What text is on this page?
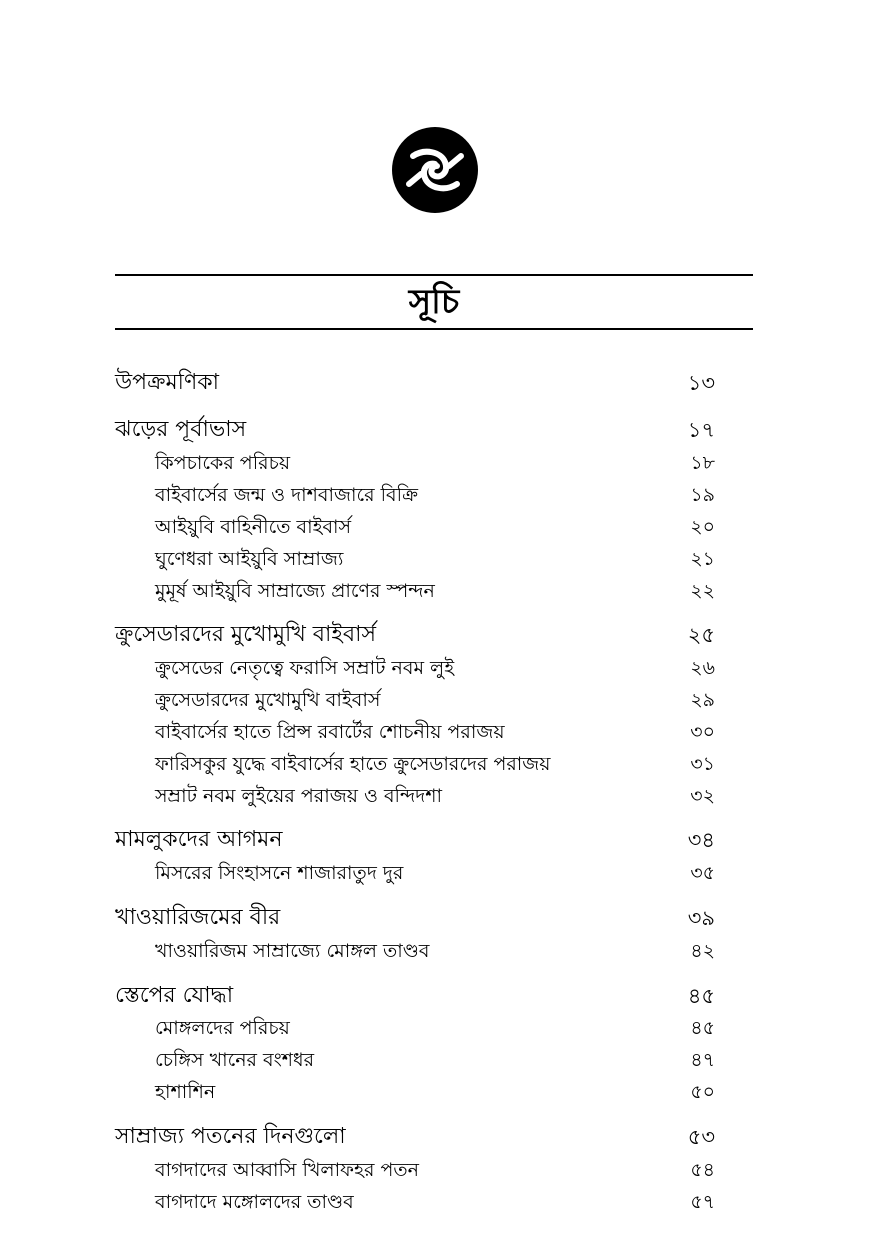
সূচি
উপক্রমণিকা	১৩
ঝড়ের পূর্বাভাস	১৭
কিপচাকের পরিচয়	১৮
বাইবার্সের জন্ম ও দাশবাজারে বিক্রি	১৯
আইয়ুবি বাহিনীতে বাইবার্স	২০
ঘুণেধরা আইয়ুবি সাম্রাজ্য	২১
মুমূর্ষ আইয়ুবি সাম্রাজ্যে প্রাণের স্পন্দন	২২
ক্রুসেডারদের মুখোমুখি বাইবার্স	২৫
ক্রুসেডের নেতৃত্বে ফরাসি সম্রাট নবম লুই	২৬
ক্রুসেডারদের মুখোমুখি বাইবার্স	২৯
বাইবার্সের হাতে প্রিন্স রবার্টের শোচনীয় পরাজয়	৩০
ফারিসকুর যুদ্ধে বাইবার্সের হাতে ক্রুসেডারদের পরাজয়	৩১
সম্রাট নবম লুইয়ের পরাজয় ও বন্দিদশা	৩২
মামলুকদের আগমন	৩৪
মিসরের সিংহাসনে শাজারাতুদ দুর	৩৫
খাওয়ারিজমের বীর	৩৯
খাওয়ারিজম সাম্রাজ্যে মোঙ্গল তাণ্ডব	৪২
স্তেপের যোদ্ধা	৪৫
মোঙ্গলদের পরিচয়	৪৫
চেঙ্গিস খানের বংশধর	৪৭
হাশাশিন	৫০
সাম্রাজ্য পতনের দিনগুলো	৫৩
বাগদাদের আব্বাসি খিলাফহর পতন	৫৪
বাগদাদে মঙ্গোলদের তাণ্ডব	৫৭
